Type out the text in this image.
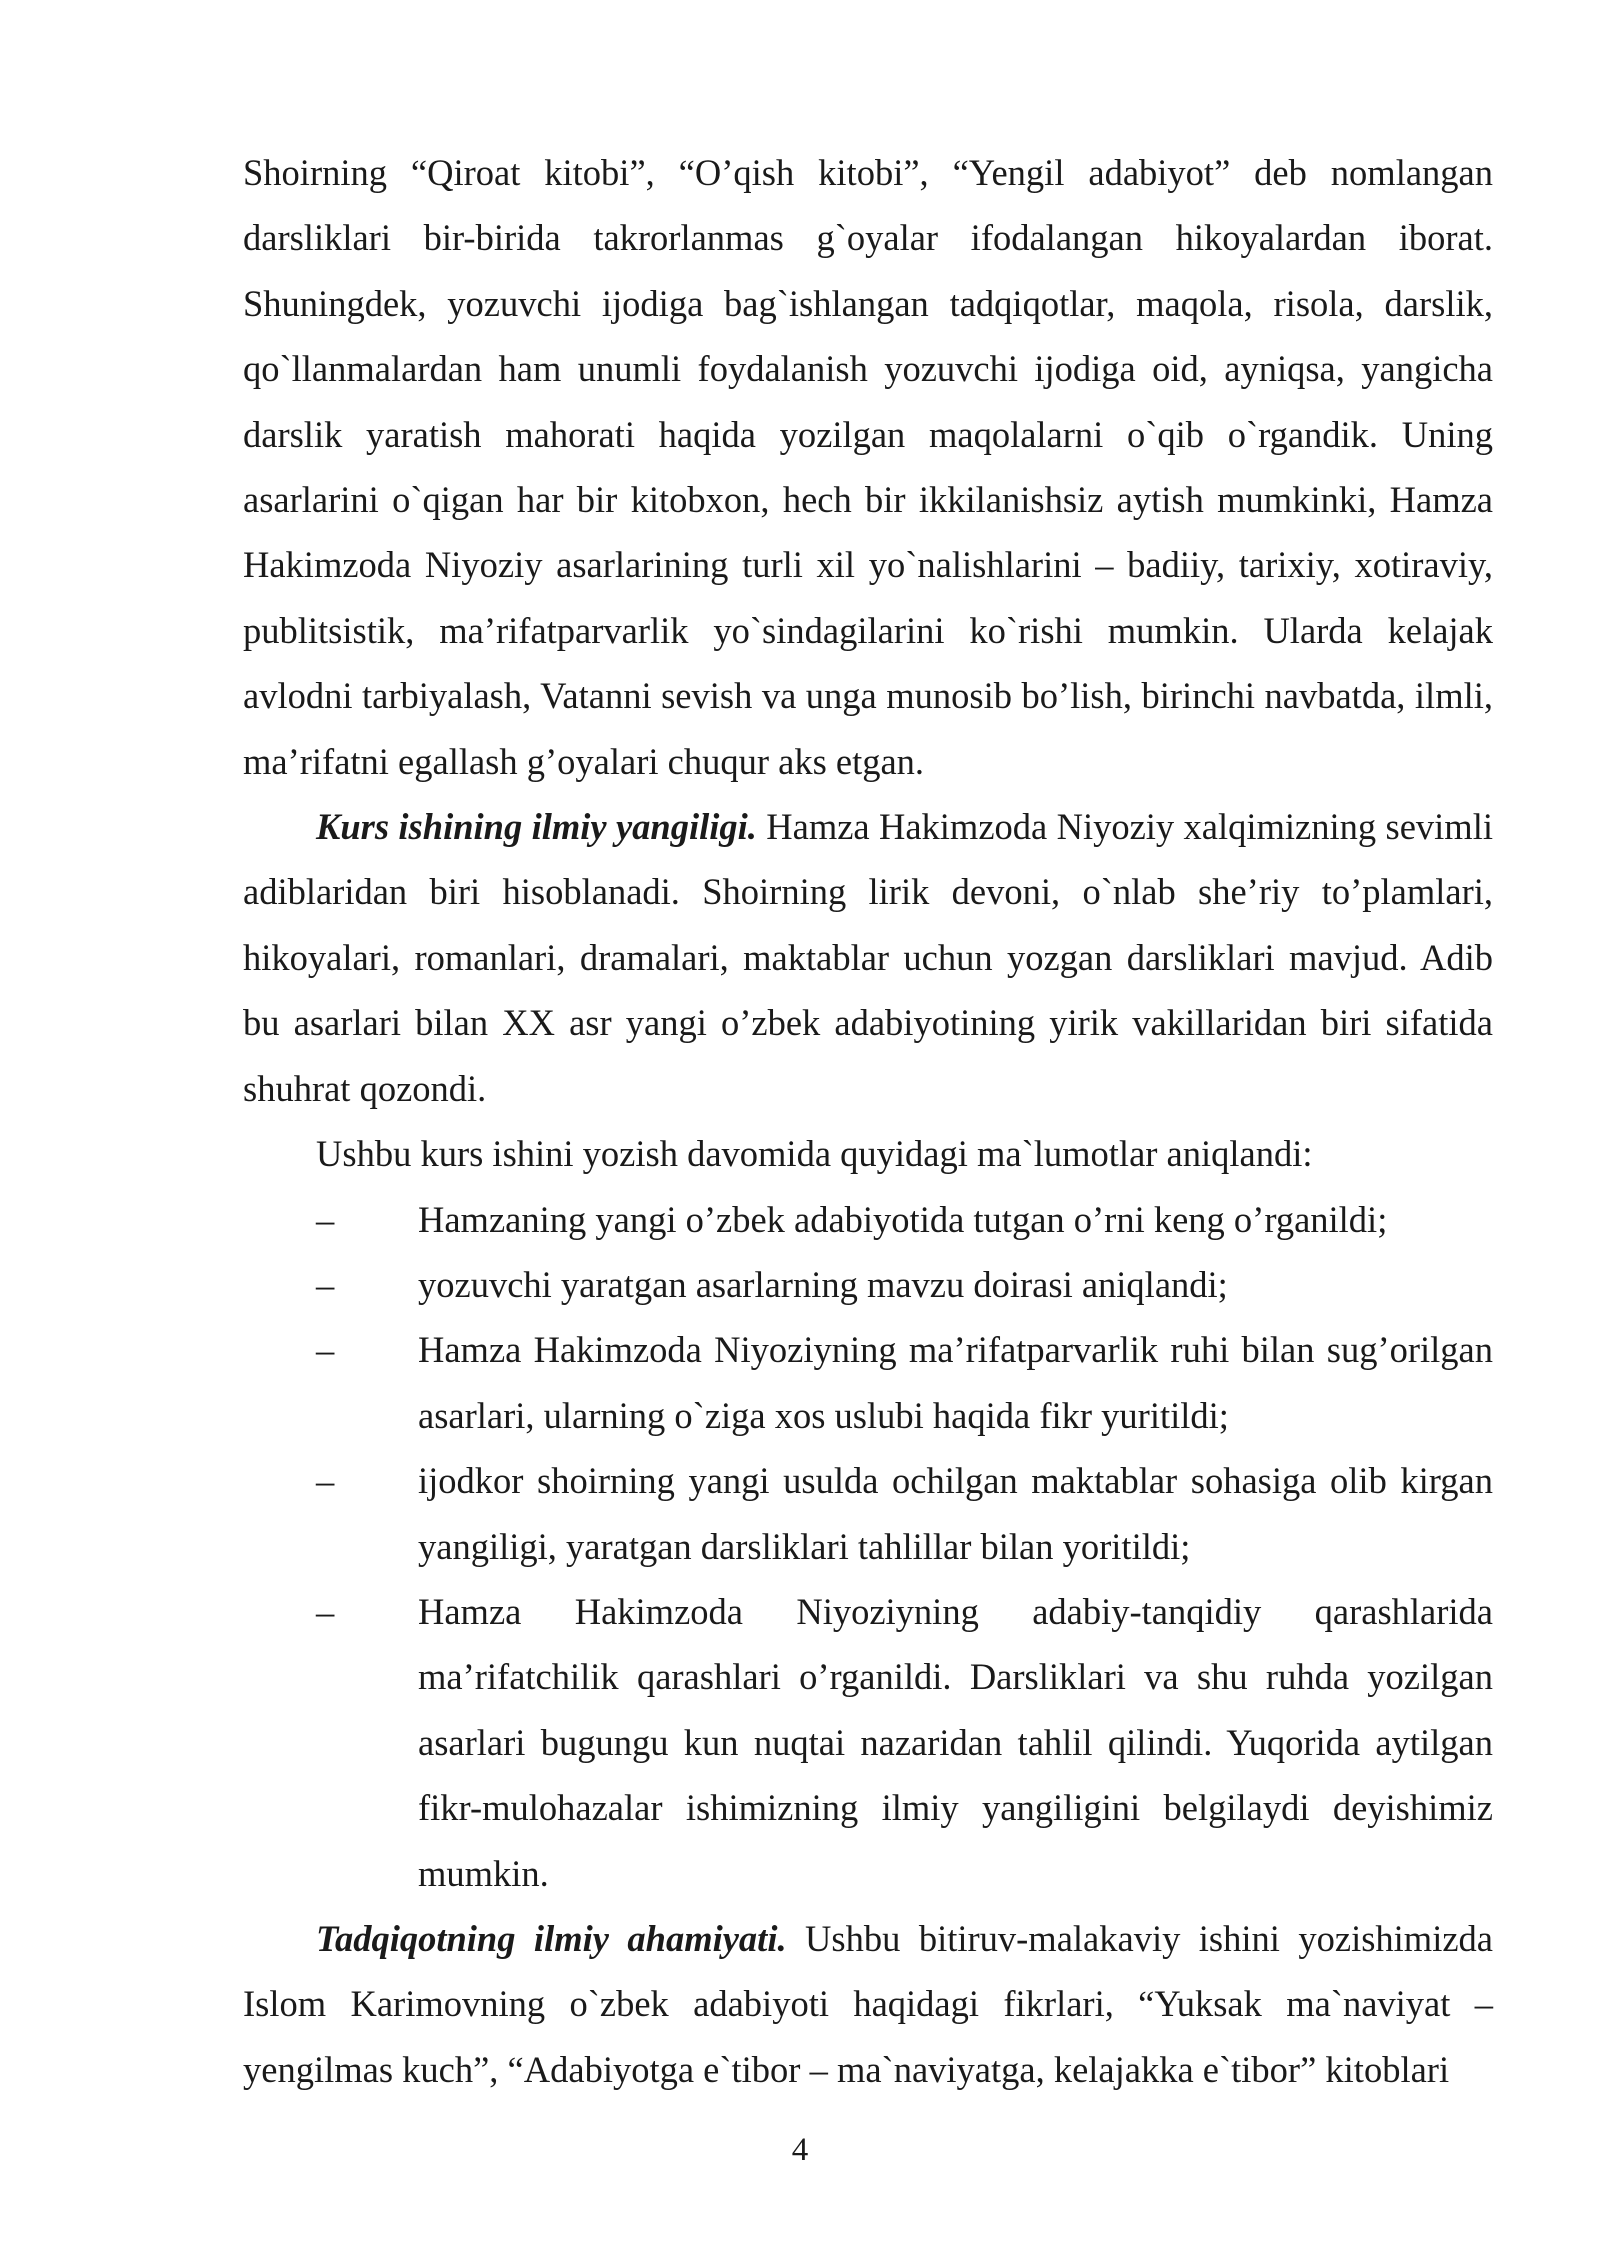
Shoirning “Qiroat kitobi”, “O’qish kitobi”, “Yengil adabiyot” deb nomlangan darsliklari bir-birida takrorlanmas g`oyalar ifodalangan hikoyalardan iborat. Shuningdek, yozuvchi ijodiga bag`ishlangan tadqiqotlar, maqola, risola, darslik, qo`llanmalardan ham unumli foydalanish yozuvchi ijodiga oid, ayniqsa, yangicha darslik yaratish mahorati haqida yozilgan maqolalarni o`qib o`rgandik. Uning asarlarini o`qigan har bir kitobxon, hech bir ikkilanishsiz aytish mumkinki, Hamza Hakimzoda Niyoziy asarlarining turli xil yo`nalishlarini – badiiy, tarixiy, xotiraviy, publitsistik, ma’rifatparvarlik yo`sindagilarini ko`rishi mumkin. Ularda kelajak avlodni tarbiyalash, Vatanni sevish va unga munosib bo’lish, birinchi navbatda, ilmli, ma’rifatni egallash g’oyalari chuqur aks etgan.

Kurs ishining ilmiy yangiligi. Hamza Hakimzoda Niyoziy xalqimizning sevimli adiblaridan biri hisoblanadi. Shoirning lirik devoni, o`nlab she’riy to’plamlari, hikoyalari, romanlari, dramalari, maktablar uchun yozgan darsliklari mavjud. Adib bu asarlari bilan XX asr yangi o’zbek adabiyotining yirik vakillaridan biri sifatida shuhrat qozondi.

Ushbu kurs ishini yozish davomida quyidagi ma`lumotlar aniqlandi:

– Hamzaning yangi o’zbek adabiyotida tutgan o’rni keng o’rganildi;
– yozuvchi yaratgan asarlarning mavzu doirasi aniqlandi;
– Hamza Hakimzoda Niyoziyning ma’rifatparvarlik ruhi bilan sug’orilgan asarlari, ularning o`ziga xos uslubi haqida fikr yuritildi;
– ijodkor shoirning yangi usulda ochilgan maktablar sohasiga olib kirgan yangiligi, yaratgan darsliklari tahlillar bilan yoritildi;
– Hamza Hakimzoda Niyoziyning adabiy-tanqidiy qarashlarida ma’rifatchilik qarashlari o’rganildi. Darsliklari va shu ruhda yozilgan asarlari bugungu kun nuqtai nazaridan tahlil qilindi. Yuqorida aytilgan fikr-mulohazalar ishimizning ilmiy yangiligini belgilaydi deyishimiz mumkin.

Tadqiqotning ilmiy ahamiyati. Ushbu bitiruv-malakaviy ishini yozishimizda Islom Karimovning o`zbek adabiyoti haqidagi fikrlari, “Yuksak ma`naviyat – yengilmas kuch”, “Adabiyotga e`tibor – ma`naviyatga, kelajakka e`tibor” kitoblari

4
